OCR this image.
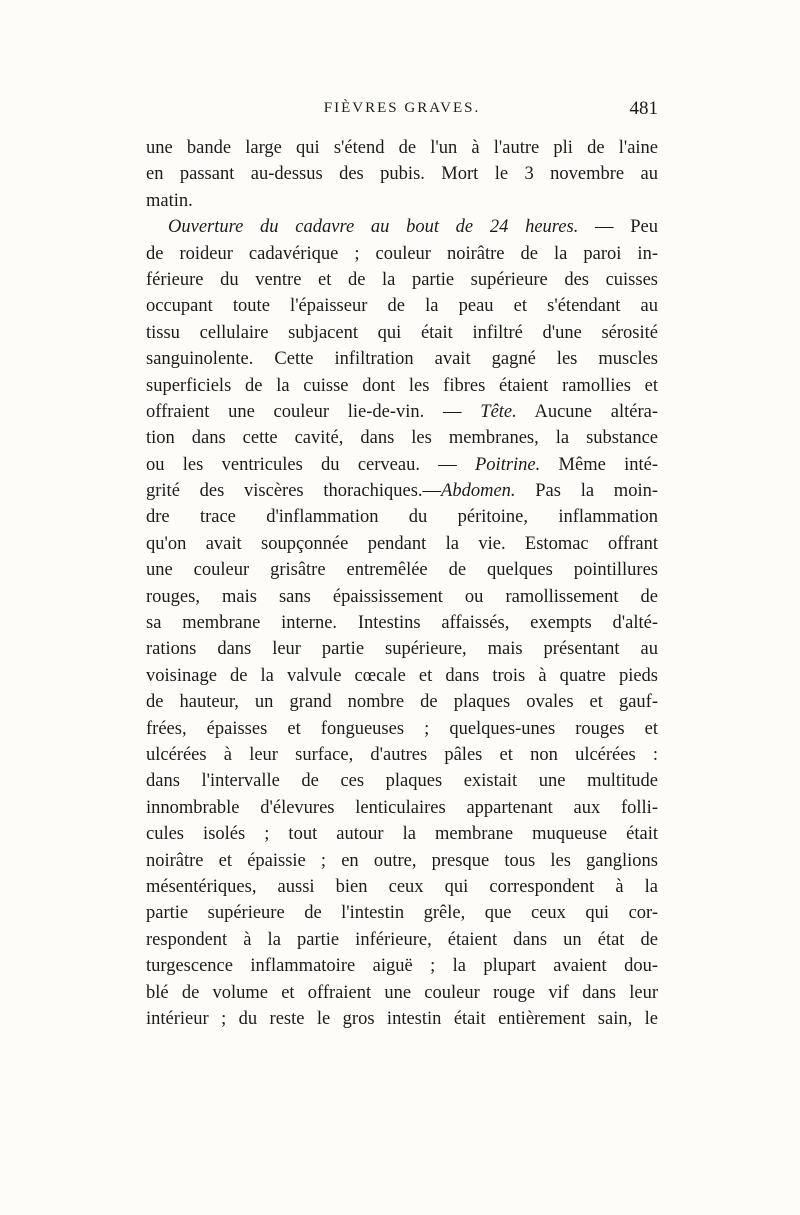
FIÈVRES GRAVES.	481
une bande large qui s'étend de l'un à l'autre pli de l'aine
en passant au-dessus des pubis. Mort le 3 novembre au
matin.
Ouverture du cadavre au bout de 24 heures. — Peu
de roideur cadavérique ; couleur noirâtre de la paroi in-
férieure du ventre et de la partie supérieure des cuisses
occupant toute l'épaisseur de la peau et s'étendant au
tissu cellulaire subjacent qui était infiltré d'une sérosité
sanguinolente. Cette infiltration avait gagné les muscles
superficiels de la cuisse dont les fibres étaient ramollies et
offraient une couleur lie-de-vin. — Tête. Aucune altéra-
tion dans cette cavité, dans les membranes, la substance
ou les ventricules du cerveau. — Poitrine. Même inté-
grité des viscères thorachiques.—Abdomen. Pas la moin-
dre trace d'inflammation du péritoine, inflammation
qu'on avait soupçonnée pendant la vie. Estomac offrant
une couleur grisâtre entremêlée de quelques pointillures
rouges, mais sans épaississement ou ramollissement de
sa membrane interne. Intestins affaissés, exempts d'alté-
rations dans leur partie supérieure, mais présentant au
voisinage de la valvule cœcale et dans trois à quatre pieds
de hauteur, un grand nombre de plaques ovales et gauf-
frées, épaisses et fongueuses ; quelques-unes rouges et
ulcérées à leur surface, d'autres pâles et non ulcérées :
dans l'intervalle de ces plaques existait une multitude
innombrable d'élevures lenticulaires appartenant aux folli-
cules isolés ; tout autour la membrane muqueuse était
noirâtre et épaissie ; en outre, presque tous les ganglions
mésentériques, aussi bien ceux qui correspondent à la
partie supérieure de l'intestin grêle, que ceux qui cor-
respondent à la partie inférieure, étaient dans un état de
turgescence inflammatoire aiguë ; la plupart avaient dou-
blé de volume et offraient une couleur rouge vif dans leur
intérieur ; du reste le gros intestin était entièrement sain, le
